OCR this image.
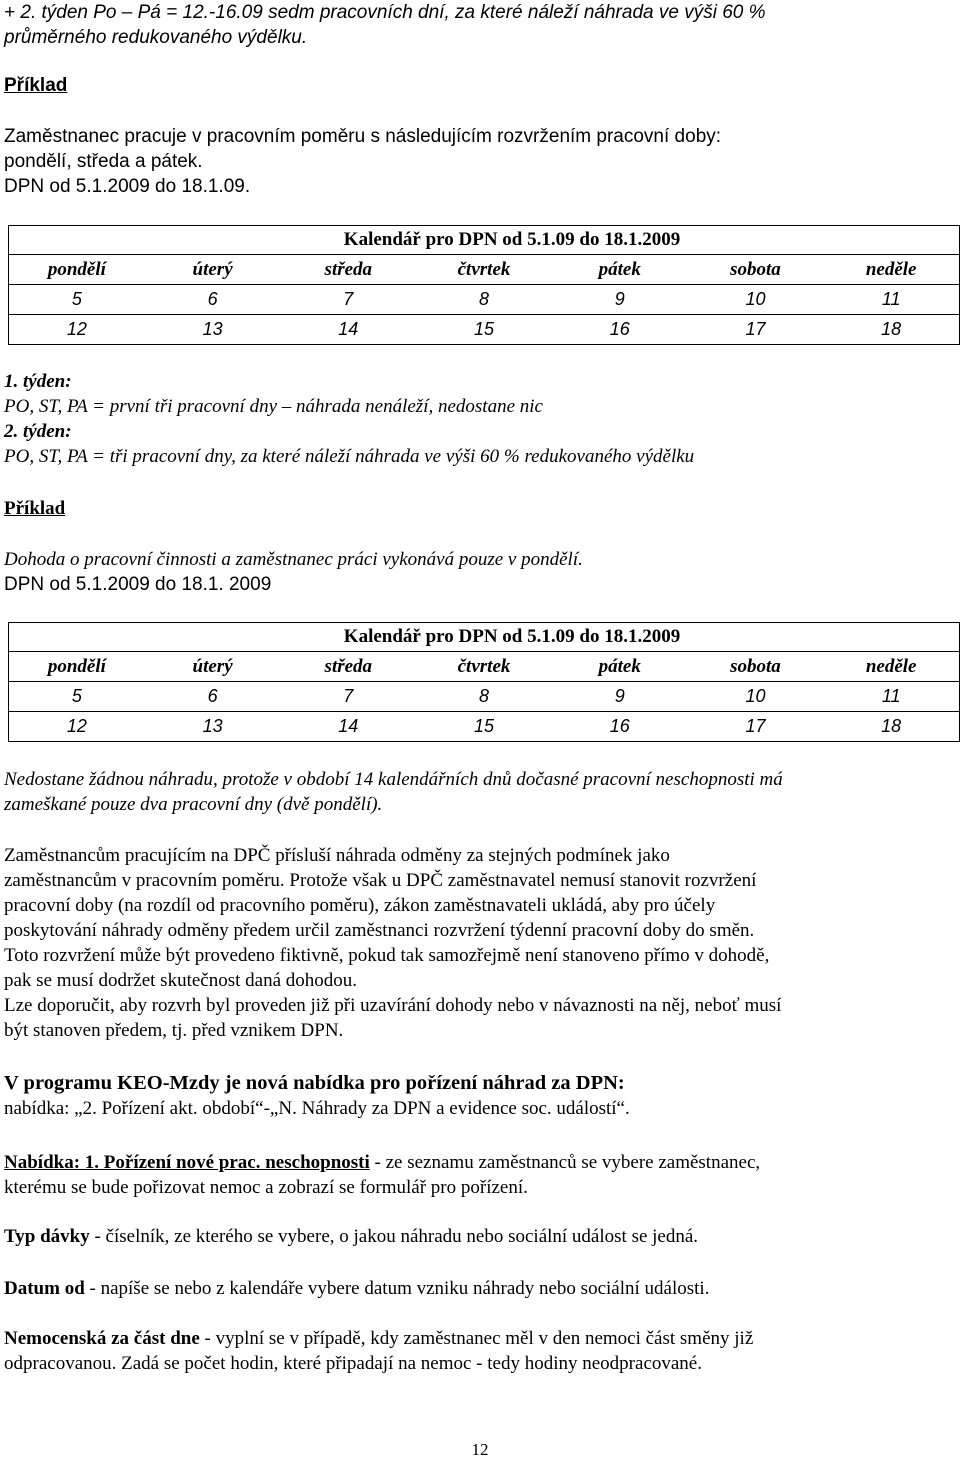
+ 2. týden Po – Pá = 12.-16.09 sedm pracovních dní, za které náleží náhrada ve výši 60 %

průměrného redukovaného výdělku.

Příklad

Zaměstnanec pracuje v pracovním poměru s následujícím rozvržením pracovní doby:

pondělí, středa a pátek.

DPN od 5.1.2009 do 18.1.09.

Kalendář pro DPN od 5.1.09 do 18.1.2009
pondělí	úterý	středa	čtvrtek	pátek	sobota	neděle
5	6	7	8	9	10	11
12	13	14	15	16	17	18

1. týden:

PO, ST, PA = první tři pracovní dny – náhrada nenáleží, nedostane nic

2. týden:

PO, ST, PA = tři pracovní dny, za které náleží náhrada ve výši 60 % redukovaného výdělku

Příklad

Dohoda o pracovní činnosti a zaměstnanec práci vykonává pouze v pondělí.

DPN od 5.1.2009 do 18.1. 2009

Kalendář pro DPN od 5.1.09 do 18.1.2009
pondělí	úterý	středa	čtvrtek	pátek	sobota	neděle
5	6	7	8	9	10	11
12	13	14	15	16	17	18

Nedostane žádnou náhradu, protože v období 14 kalendářních dnů dočasné pracovní neschopnosti má

zameškané pouze dva pracovní dny (dvě pondělí).

Zaměstnancům pracujícím na DPČ přísluší náhrada odměny za stejných podmínek jako

zaměstnancům v pracovním poměru. Protože však u DPČ zaměstnavatel nemusí stanovit rozvržení

pracovní doby (na rozdíl od pracovního poměru), zákon zaměstnavateli ukládá, aby pro účely

poskytování náhrady odměny předem určil zaměstnanci rozvržení týdenní pracovní doby do směn.

Toto rozvržení může být provedeno fiktivně, pokud tak samozřejmě není stanoveno přímo v dohodě,

pak se musí dodržet skutečnost daná dohodou.

Lze doporučit, aby rozvrh byl proveden již při uzavírání dohody nebo v návaznosti na něj, neboť musí

být stanoven předem, tj. před vznikem DPN.

V programu KEO-Mzdy je nová nabídka pro pořízení náhrad za DPN:

nabídka: „2. Pořízení akt. období“-„N. Náhrady za DPN a evidence soc. událostí“.

Nabídka: 1. Pořízení nové prac. neschopnosti - ze seznamu zaměstnanců se vybere zaměstnanec,

kterému se bude pořizovat nemoc a zobrazí se formulář pro pořízení.

Typ dávky - číselník, ze kterého se vybere, o jakou náhradu nebo sociální událost se jedná.

Datum od - napíše se nebo z kalendáře vybere datum vzniku náhrady nebo sociální události.

Nemocenská za část dne - vyplní se v případě, kdy zaměstnanec měl v den nemoci část směny již

odpracovanou. Zadá se počet hodin, které připadají na nemoc - tedy hodiny neodpracované.

12
